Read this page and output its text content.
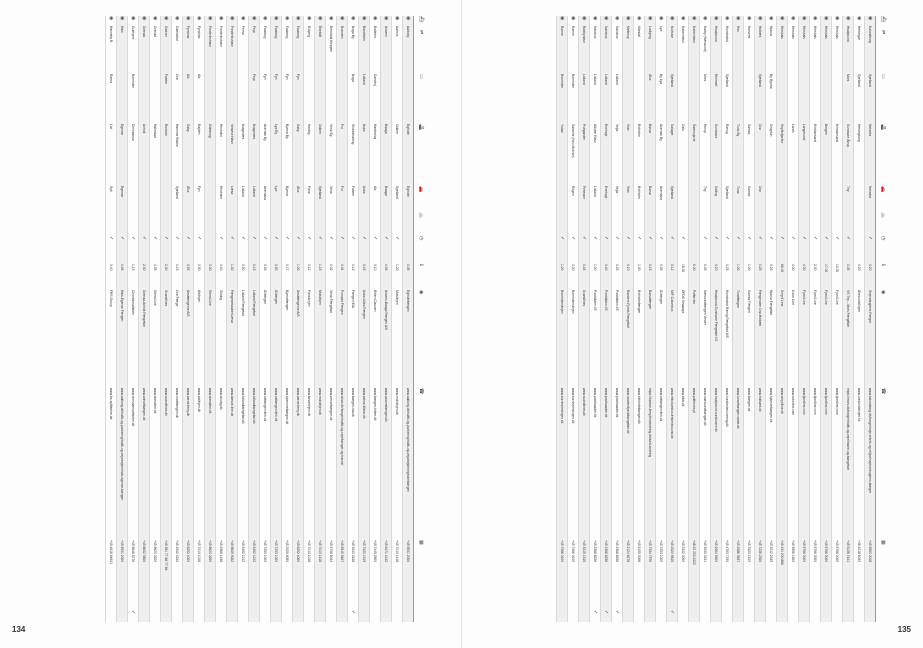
⛴
⇄
▭
🚢
🚗
🚲
◷
ℹ
◉
☎
▦
◉
Aalborg
Egholm
Egholm
0.05
Egholmfærgen
www.aalborg.dk/trafik-og-parkering/trafik-og-vejarbejder/egholmfaergen
+45 9931 2000
◉
Aarhus
Odden
Sjælland
✓
1.20
Molslinjen
www.molslinjen.dk
+45 7010 1418
◉
Assens
Baagø
Baagø
✓
0.39
Assens-Baagø Færgen A/S
www.assensfaergen.dk
+45 6471 4142
◉
Ballebro
Sønderj.
Hardeshøj
Als
✓
0.10
Bitten Clausen
www.faergen-bitten.dk
+45 7445 2800
◉
Bandholm
Lolland
Askø
Askø
✓
0.45
Askø-Lilleø Færgen
www.askoe-lilleoe.dk
+45 7023 1515
◉
Bogø By
Bogø
Stubbekøbing
Falster
✓
0.12
Færgen IDA
www.faergen-ida.dk
+45 3043 2428
✓
◉
Branden
Fur
Fur
✓
0.04
Furnaes Færgen
www.skive.dk/borger/trafik-og-veje/faerger-og-havne/
+45 9915 5467
◉
Brenddal Kleppen
Venø By
Venø
✓
0.02
Venø Færgefart
www.venoefaergen.dk
+45 9736 8044
◉
Ebeltoft
Odden
Sjælland
✓
1.15
Molslinjen
www.molslinjen.dk
+45 7010 1418
◉
Esbjerg
Nordby
Fanø
✓
0.12
FanøLinjen
www.fanoelinjen.dk
+45 7010 1018
◉
Faaborg
Fyn
Søby
Ærø
✓
1.00
Aerøfærgerne A/S
www.aeroe-ferry.dk
+45 6252 4000
◉
Faaborg
Fyn
Bjørnø By
Bjørnø
✓
0.17
Bjørnøfærgen
www.bjoernoefaergen.dk
+45 2029 8050
◉
Faaborg
Fyn
Lyø By
Lyø
✓
0.50
Ø-færgen
www.oefaergen.fmk.dk
+45 7253 1000
◉
Faaborg
Fyn
Avernak By
Avernakø
✓
0.35
Ø-færgen
www.oefaergen.fmk.dk
+45 7253 1000
◉
Fejø
Fejø
Kragenæs
Lolland
✓
0.15
Lolland Færgefart
www.lollandfaergefart.dk
+45 5492 1212
◉
Femø
Kragenæs
Lolland
✓
0.50
Lolland Færgefart
www.lollandfaergefart.dk
+45 5492 1212
◉
Frederikshavn
Vesterø Havn
Læsø
✓
1.30
Færgeselskabet Læsø
www.laesoe-line.dk
+45 9849 9022
◉
Frederikshavn
Hirsholm
Hirsholm
✓
0.40
Skiobg
www.skiobg.dk
+45 2066 1438
◉
Frederikshavn
Göteborg
3.30
Stena Line
www.stenaline.dk
+45 9620 0200
◉
Fynshav
Als
Bøjden
Fyn
✓
0.50
Alslinjen
www.alslinjen.dk
+45 7010 1018
◉
Fynshav
Als
Søby
Ærø
✓
0.55
Aerøfærgerne A/S
www.aeroe-ferry.dk
+45 6252 4000
◉
Gamløkse
Orø
Hammer Bakke
Sjælland
✓
0.15
Orø Færge
www.oroefaergen.dk
+45 4542 4242
◉
Gedser
Falster
Rostock
✓
2.00
Scandlines
www.scandlines.dk
+49 381 77 88 77 66
◉
Grenaa
Halmstad
✓
4.35
Stena Line
www.stenaline.dk
+45 9620 0200
◉
Grenaa
Anholt
✓
2.30
Grenaa-Anholt Færgefart
www.anholtfaergen.dk
+45 8632 3600
◉
Gudhjem
Bornholm
Christiansø
✓
1.15
Christiansøfarten
www.christiansoefarten.dk
+45 5648 5176
✓
◉
Hals
Egense
Egense
✓
0.05
Hals-Egense Færgen
www.aalborg.dk/trafik-og-parkering/trafik-og-vejarbejder/hals-egense-faergen
+45 9931 2000
◉
Havneby R.
Rømø
List
Sylt
✓
0.40
FRS Group
www.frs-syltfaehre.de
+49 4618 64601
134
⛴
⇄
▭
🚢
🚗
🚲
◷
ℹ
◉
☎
▦
◉
Kalundborg
Sjælland
Nekselø
Nekselø
✓
0.20
Sejerøbugtens Færger
www.kalundborg.dk/borger/veje-teknik-og-miljoe/sejeroebugtens-faerger
+45 5953 0018
◉
Helsingør
Sjælland
Helsingborg
0.20
Øresundslinjen
www.oresundslinjen.se
+46 4218 6030
◉
Hvalpsund
Mors
Sundsøre Ånsp.
Thy
✓
0.05
VS Thy – Mors Færgefart
https://mors.dk/borger/trafik-og-veje/havne-og-faergefart
+45 5136 7441
◉
Hirtshals
Kristiansand
✓
10.30
Fjord Line
www.fjordline.com
+45 9796 3000
◉
Hirtshals
Bergen
✓
17.00
Fjord Line
www.fjordline.com
+45 9796 3000
◉
Hirtshals
Kristiansand
✓
2.30
Fjord Line
www.fjordline.com
+45 9796 3000
◉
Hirtshals
Langesund
✓
4.30
Fjord Line
www.fjordline.com
+45 9796 3000
◉
Hirtshals
Larvik
✓
4.00
Color Line
www.colorline.com
+45 9956 1900
◉
Hirtshals
Seyðisfjørður
✓
66.00
Smyril Line
www.smyrilline.dk
+49 431 200 886
◉
Hjarnø
By Hjarnø
Snaptun
✓
0.25
Hjarnø Færgefart
www.hjarnoefaergen.dk
+45 3012 2345
◉
Holbæk
Sjælland
Orø
Orø
✓
0.25
Færgeruten Orø-Holbæk
www.holbaek.dk
+45 7236 2300
◉
Horsens
Samsø
Samsø
✓
1.00
Samsø Færgen
www.faergen.dk
+45 7023 1515
◉
Hov
Tunø By
Tunø
✓
1.00
Tunøfærgen
www.tunoefaergen.odder.dk
+45 3086 3637
◉
Hundested
Sjælland
Rørvig
Sjælland
✓
0.25
Hundested Rørvig Færgefart A/S
www.hundested-roervig.dk
+45 4793 7150
◉
Hvalpsund
Himmerl.
Sundsøre
Salling
✓
0.20
Hvalpsund-Sundsøre Færgefart I/S
www.hvalpsund-sundsoere.dk
+45 2064 9500
◉
Karby (Næssund)
Mors
Hurup
Thy
✓
0.05
Næssundfærgen Vester
www.naessundfaergen.dk
+45 3033 3151
◉
København
Świnoujście
9.00
Polferries
www.polferries.pl
+48 22 230 2222
◉
København
Oslo
✓
16.30
DFDS Seaways
www.dfds.dk
+45 3342 3000
◉
Kulhuse
Sjælland
Sølager
Sjælland
✓
0.12
M/F Columbus
www.mfcolumbus.frederikssund.dk
+45 2020 9615
✓
◉
Lyø
By Lyø
Avernak By
Avernakø
✓
0.35
Ø-færgen
www.oefaergen.fmk.dk
+45 7253 1000
◉
Lodbjerg
Ærø
Barsø
Barsø
✓
0.15
Barsøfærgen
https://barsoe-ferry.fmsbooking.dk/web-booking
+45 7334 7576
◉
Marstal
Birkholm
Birkholm
✓
1.00
Birkholmfærgen
www.birkholmfaergen.dk
+45 5155 3006
◉
Mellerup
Voer
Voer
✓
0.10
Randers Fjords Færgefart
www.randersfjordsfaergefart.dk
+45 2124 8178
◉
Nakskov
Lolland
Vejlø
Vejlø
✓
0.25
Postbåden I/S
www.postbaaden.dk
+45 2368 8236
✓
◉
Nakskov
Lolland
Enehøje
Enehøje
✓
0.40
Postbåden I/S
www.postbaaden.dk
+45 2368 8236
✓
◉
Nakskov
Lolland
Albuen Havn
Lolland
✓
1.00
Postbåden I/S
www.postbaaden.dk
+45 2368 8236
✓
◉
Rødbyhavn
Lolland
Puttgarden
Fehmarn
✓
0.45
Scandlines
www.scandlines.dk
+45 3315 1515
◉
Rønne
Bornholm
Sassnitz (Neu Mukran)
Rügen
✓
3.30
Bornholmslinjen
www.bornholmslinjen.dk
+45 7066 0100
◉
Rønne
Bornholm
Ystad
✓
1.20
Bornholmslinjen
www.bornholmslinjen.dk
+45 7066 0100
135
